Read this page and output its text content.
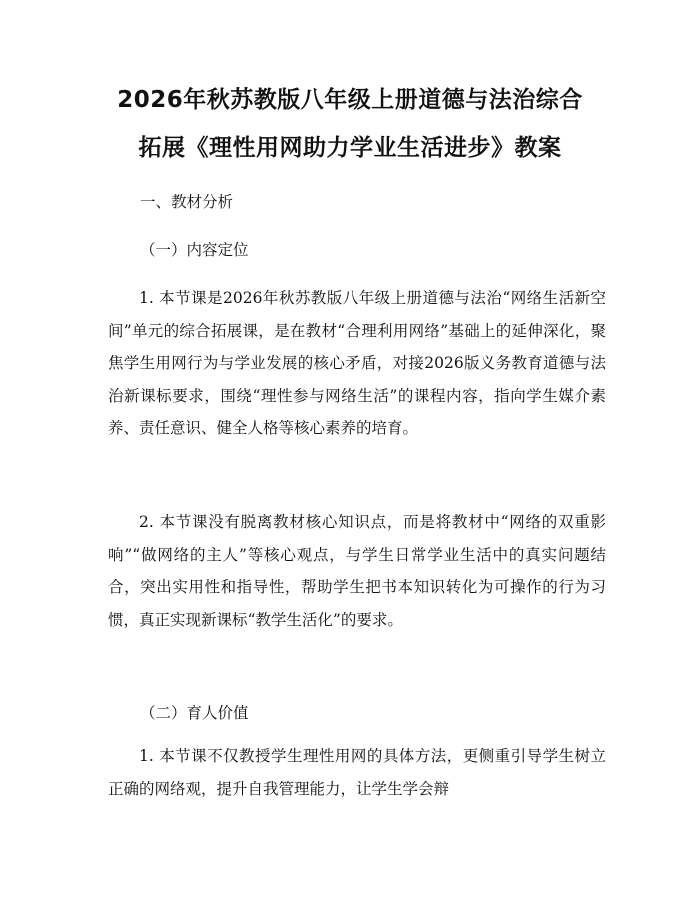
2026年秋苏教版八年级上册道德与法治综合
拓展《理性用网助力学业生活进步》教案
一、教材分析
（一）内容定位

1. 本节课是2026年秋苏教版八年级上册道德与法治“网络生活新空间”单元的综合拓展课，是在教材“合理利用网络”基础上的延伸深化，聚焦学生用网行为与学业发展的核心矛盾，对接2026版义务教育道德与法治新课标要求，围绕“理性参与网络生活”的课程内容，指向学生媒介素养、责任意识、健全人格等核心素养的培育。

2. 本节课没有脱离教材核心知识点，而是将教材中“网络的双重影响”“做网络的主人”等核心观点，与学生日常学业生活中的真实问题结合，突出实用性和指导性，帮助学生把书本知识转化为可操作的行为习惯，真正实现新课标“教学生活化”的要求。

（二）育人价值

1. 本节课不仅教授学生理性用网的具体方法，更侧重引导学生树立正确的网络观，提升自我管理能力，让学生学会辩
